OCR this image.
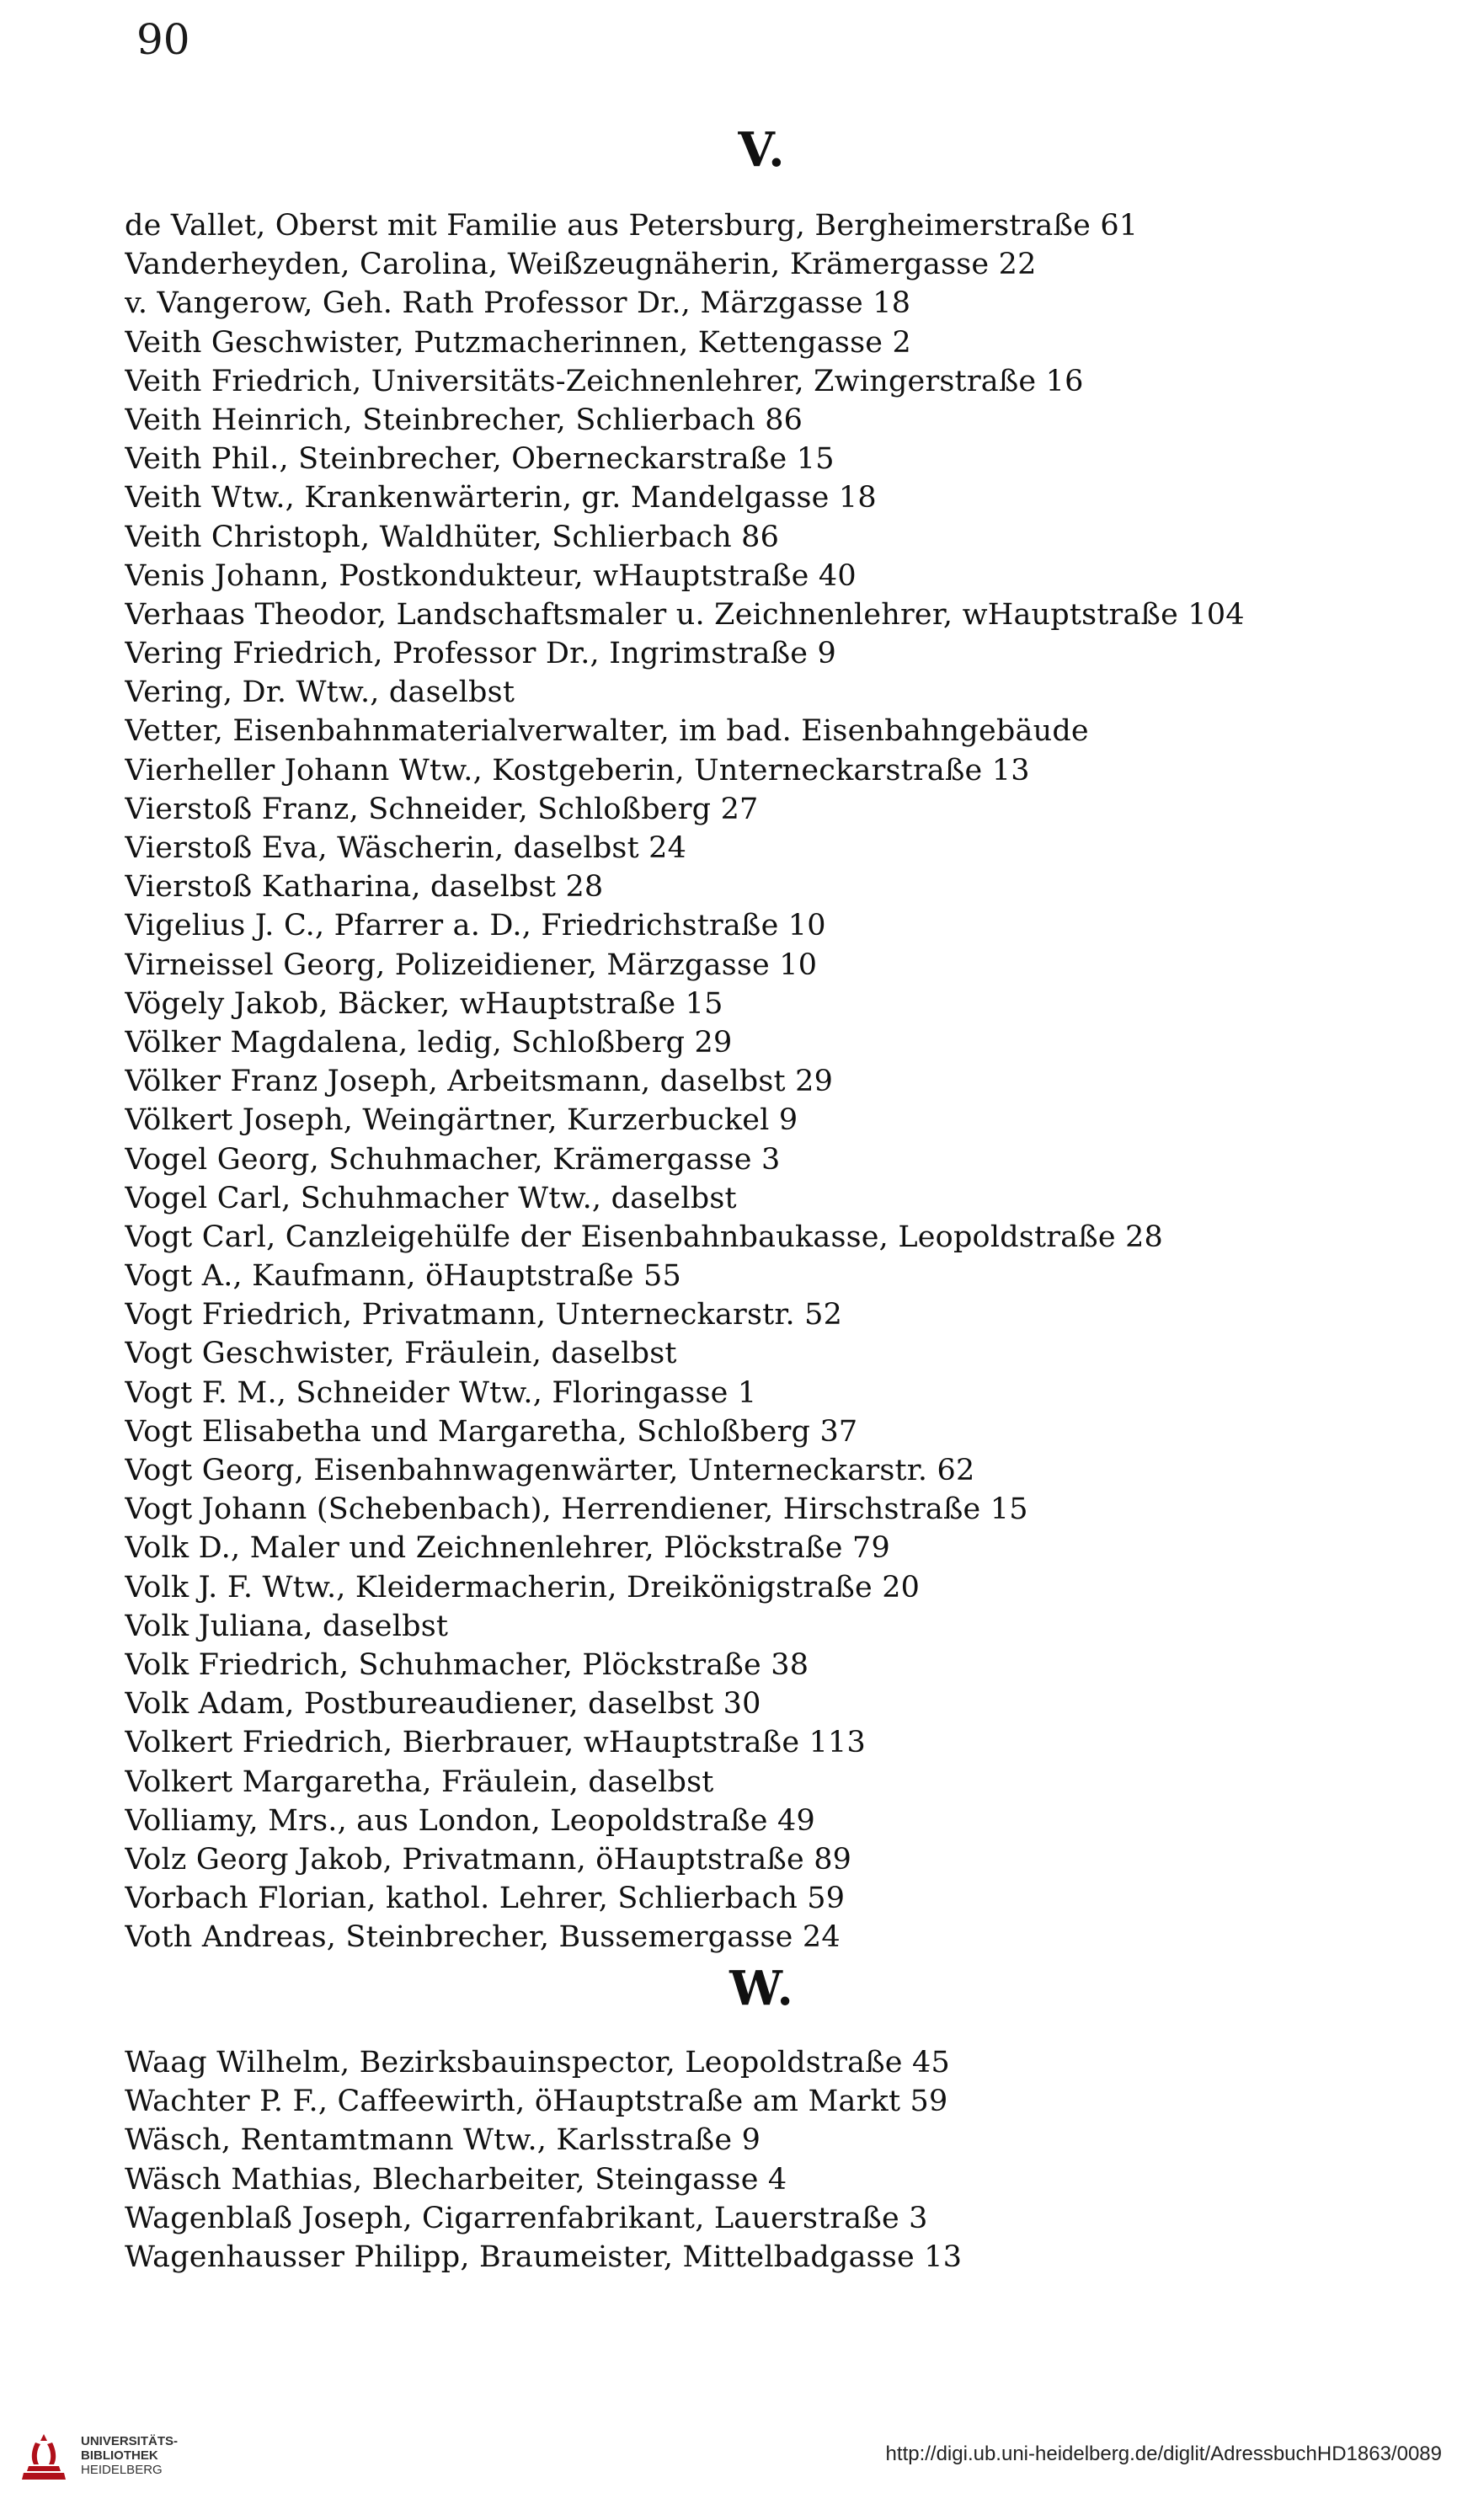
90
V.
de Vallet, Oberst mit Familie aus Petersburg, Bergheimerstraße 61
Vanderheyden, Carolina, Weißzeugnäherin, Krämergasse 22
v. Vangerow, Geh. Rath Professor Dr., Märzgasse 18
Veith Geschwister, Putzmacherinnen, Kettengasse 2
Veith Friedrich, Universitäts-Zeichnenlehrer, Zwingerstraße 16
Veith Heinrich, Steinbrecher, Schlierbach 86
Veith Phil., Steinbrecher, Oberneckarstraße 15
Veith Wtw., Krankenwärterin, gr. Mandelgasse 18
Veith Christoph, Waldhüter, Schlierbach 86
Venis Johann, Postkondukteur, wHauptstraße 40
Verhaas Theodor, Landschaftsmaler u. Zeichnenlehrer, wHauptstraße 104
Vering Friedrich, Professor Dr., Ingrimstraße 9
Vering, Dr. Wtw., daselbst
Vetter, Eisenbahnmaterialverwalter, im bad. Eisenbahngebäude
Vierheller Johann Wtw., Kostgeberin, Unterneckarstraße 13
Vierstoß Franz, Schneider, Schloßberg 27
Vierstoß Eva, Wäscherin, daselbst 24
Vierstoß Katharina, daselbst 28
Vigelius J. C., Pfarrer a. D., Friedrichstraße 10
Virneissel Georg, Polizeidiener, Märzgasse 10
Vögely Jakob, Bäcker, wHauptstraße 15
Völker Magdalena, ledig, Schloßberg 29
Völker Franz Joseph, Arbeitsmann, daselbst 29
Völkert Joseph, Weingärtner, Kurzerbuckel 9
Vogel Georg, Schuhmacher, Krämergasse 3
Vogel Carl, Schuhmacher Wtw., daselbst
Vogt Carl, Canzleigehülfe der Eisenbahnbaukasse, Leopoldstraße 28
Vogt A., Kaufmann, öHauptstraße 55
Vogt Friedrich, Privatmann, Unterneckarstr. 52
Vogt Geschwister, Fräulein, daselbst
Vogt F. M., Schneider Wtw., Floringasse 1
Vogt Elisabetha und Margaretha, Schloßberg 37
Vogt Georg, Eisenbahnwagenwärter, Unterneckarstr. 62
Vogt Johann (Schebenbach), Herrendiener, Hirschstraße 15
Volk D., Maler und Zeichnenlehrer, Plöckstraße 79
Volk J. F. Wtw., Kleidermacherin, Dreikönigstraße 20
Volk Juliana, daselbst
Volk Friedrich, Schuhmacher, Plöckstraße 38
Volk Adam, Postbureaudiener, daselbst 30
Volkert Friedrich, Bierbrauer, wHauptstraße 113
Volkert Margaretha, Fräulein, daselbst
Volliamy, Mrs., aus London, Leopoldstraße 49
Volz Georg Jakob, Privatmann, öHauptstraße 89
Vorbach Florian, kathol. Lehrer, Schlierbach 59
Voth Andreas, Steinbrecher, Bussemergasse 24
W.
Waag Wilhelm, Bezirksbauinspector, Leopoldstraße 45
Wachter P. F., Caffeewirth, öHauptstraße am Markt 59
Wäsch, Rentamtmann Wtw., Karlsstraße 9
Wäsch Mathias, Blecharbeiter, Steingasse 4
Wagenblaß Joseph, Cigarrenfabrikant, Lauerstraße 3
Wagenhausser Philipp, Braumeister, Mittelbadgasse 13
UNIVERSITÄTS-
BIBLIOTHEK
HEIDELBERG
http://digi.ub.uni-heidelberg.de/diglit/AdressbuchHD1863/0089
